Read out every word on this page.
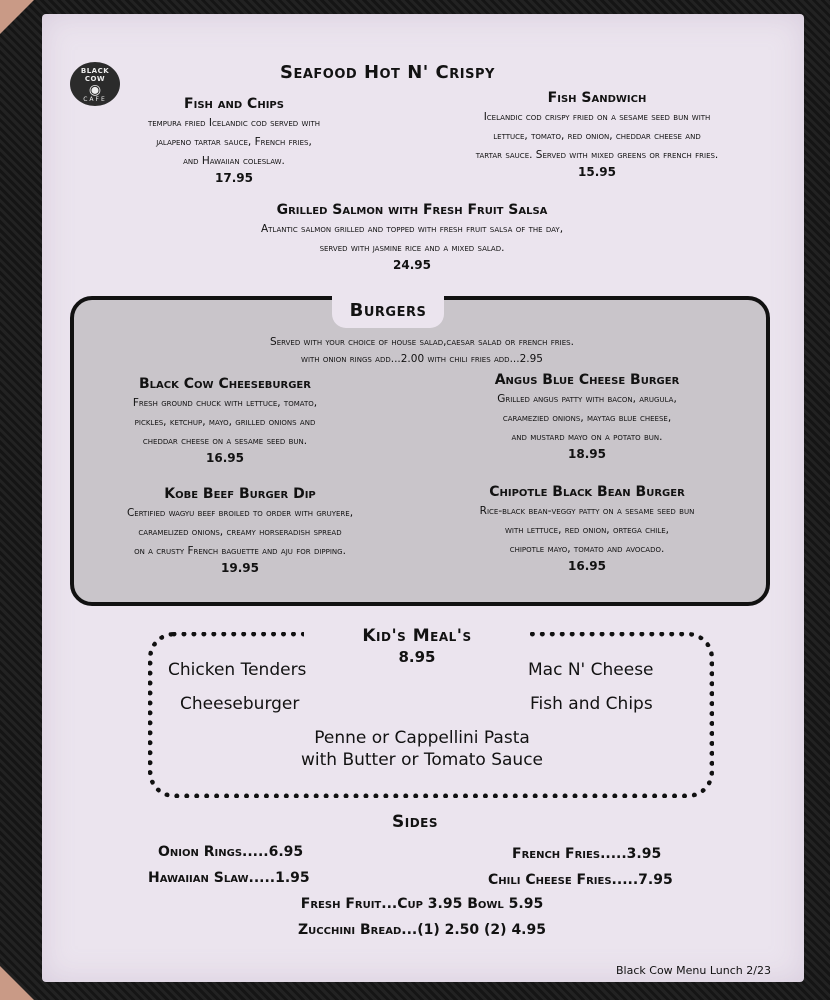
BLACK COW
◉
CAFE
Seafood Hot N' Crispy
Fish and Chips
tempura fried Icelandic cod served with
jalapeno tartar sauce, French fries,
and Hawaiian coleslaw.
17.95
Fish Sandwich
Icelandic cod crispy fried on a sesame seed bun with
lettuce, tomato, red onion, cheddar cheese and
tartar sauce. Served with mixed greens or french fries.
15.95
Grilled Salmon with Fresh Fruit Salsa
Atlantic salmon grilled and topped with fresh fruit salsa of the day,
served with jasmine rice and a mixed salad.
24.95
Burgers
Served with your choice of house salad,caesar salad or french fries.
with onion rings add...2.00 with chili fries add...2.95
Black Cow Cheeseburger
Fresh ground chuck with lettuce, tomato,
pickles, ketchup, mayo, grilled onions and
cheddar cheese on a sesame seed bun.
16.95
Angus Blue Cheese Burger
Grilled angus patty with bacon, arugula,
caramezied onions, maytag blue cheese,
and mustard mayo on a potato bun.
18.95
Kobe Beef Burger Dip
Certified wagyu beef broiled to order with gruyere,
caramelized onions, creamy horseradish spread
on a crusty French baguette and aju for dipping.
19.95
Chipotle Black Bean Burger
Rice-black bean-veggy patty on a sesame seed bun
with lettuce, red onion, ortega chile,
chipotle mayo, tomato and avocado.
16.95
Kid's Meal's
8.95
Chicken Tenders	Mac N' Cheese
Cheeseburger	Fish and Chips
Penne or Cappellini Pasta
with Butter or Tomato Sauce
Sides
Onion Rings.....6.95	French Fries.....3.95
Hawaiian Slaw.....1.95	Chili Cheese Fries.....7.95
Fresh Fruit...Cup 3.95 Bowl 5.95
Zucchini Bread...(1) 2.50 (2) 4.95
Black Cow Menu Lunch 2/23
